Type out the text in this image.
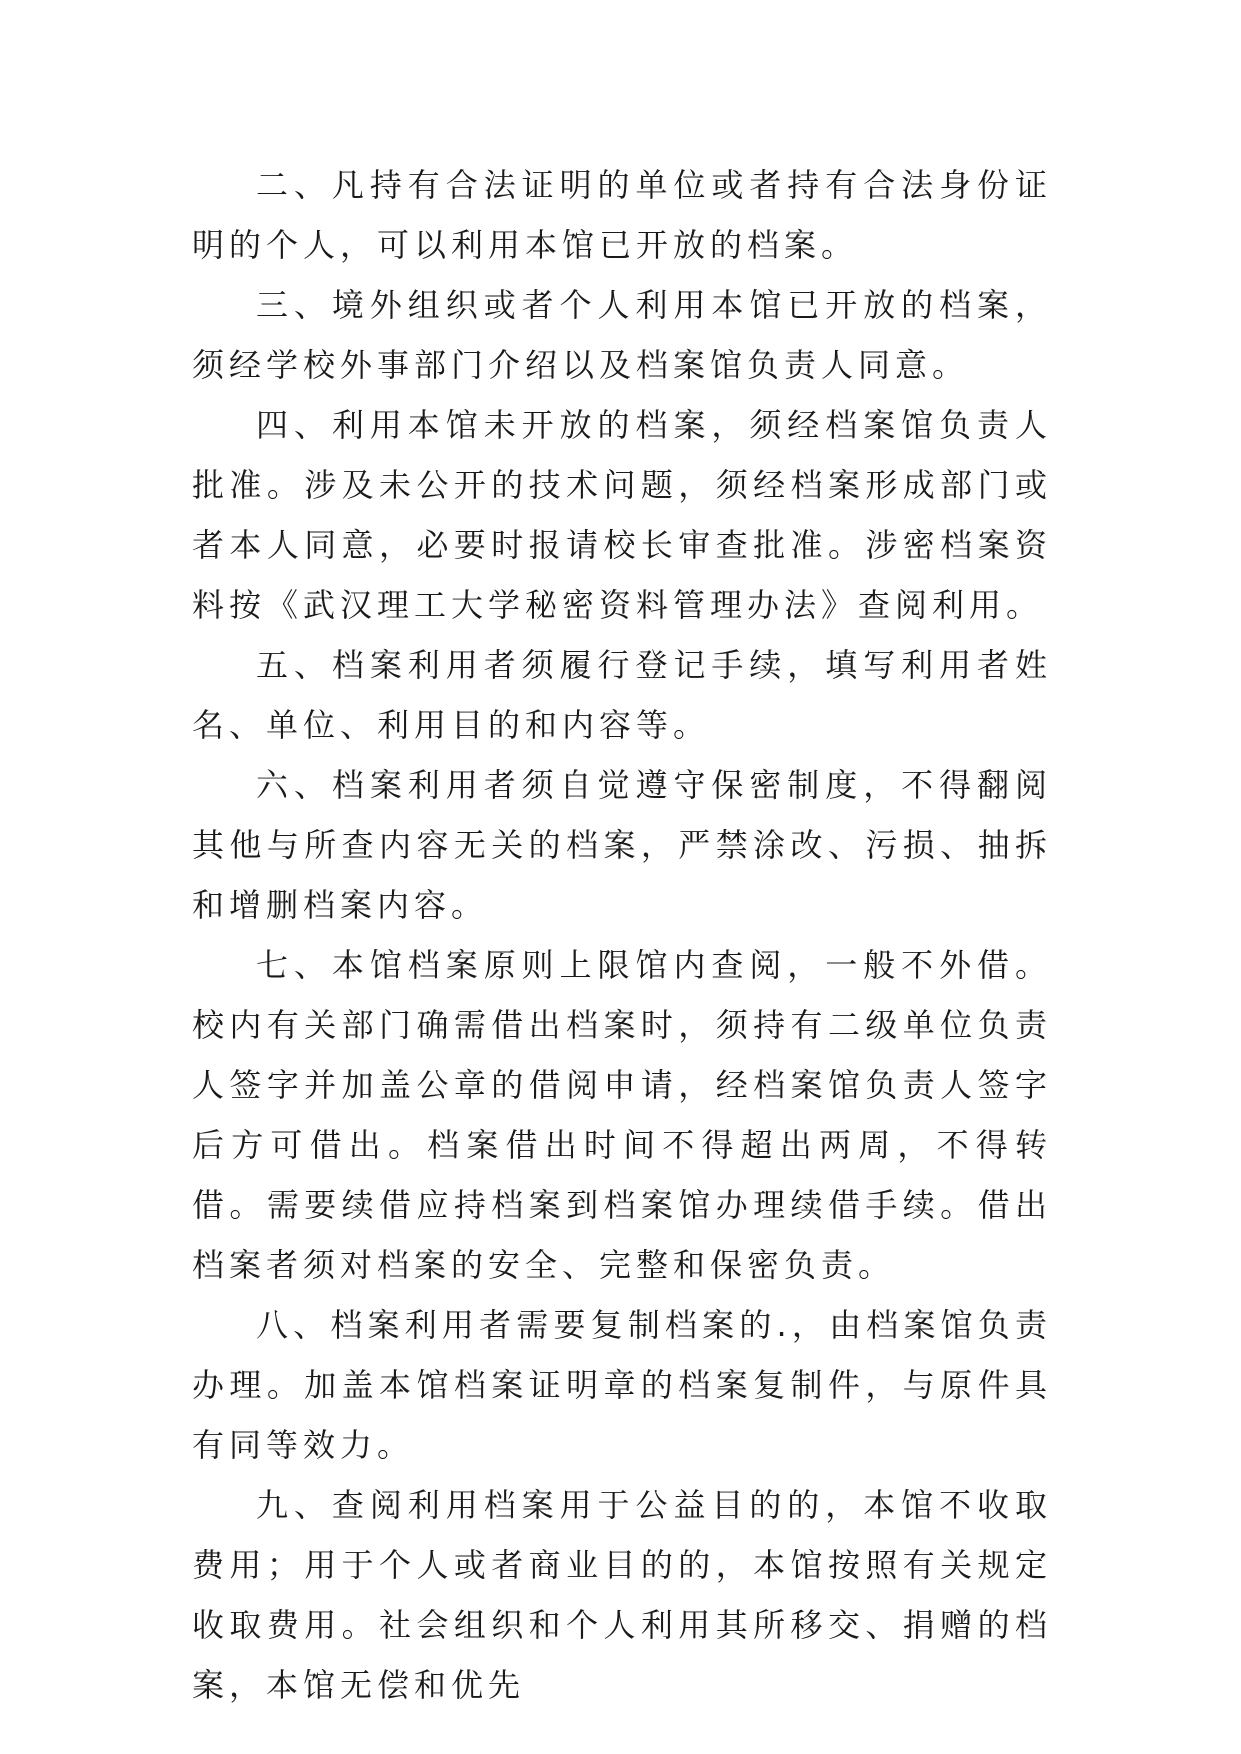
二、凡持有合法证明的单位或者持有合法身份证明的个人，可以利用本馆已开放的档案。

三、境外组织或者个人利用本馆已开放的档案，须经学校外事部门介绍以及档案馆负责人同意。

四、利用本馆未开放的档案，须经档案馆负责人批准。涉及未公开的技术问题，须经档案形成部门或者本人同意，必要时报请校长审查批准。涉密档案资料按《武汉理工大学秘密资料管理办法》查阅利用。

五、档案利用者须履行登记手续，填写利用者姓名、单位、利用目的和内容等。

六、档案利用者须自觉遵守保密制度，不得翻阅其他与所查内容无关的档案，严禁涂改、污损、抽拆和增删档案内容。

七、本馆档案原则上限馆内查阅，一般不外借。校内有关部门确需借出档案时，须持有二级单位负责人签字并加盖公章的借阅申请，经档案馆负责人签字后方可借出。档案借出时间不得超出两周，不得转借。需要续借应持档案到档案馆办理续借手续。借出档案者须对档案的安全、完整和保密负责。

八、档案利用者需要复制档案的.，由档案馆负责办理。加盖本馆档案证明章的档案复制件，与原件具有同等效力。

九、查阅利用档案用于公益目的的，本馆不收取费用；用于个人或者商业目的的，本馆按照有关规定收取费用。社会组织和个人利用其所移交、捐赠的档案，本馆无偿和优先
